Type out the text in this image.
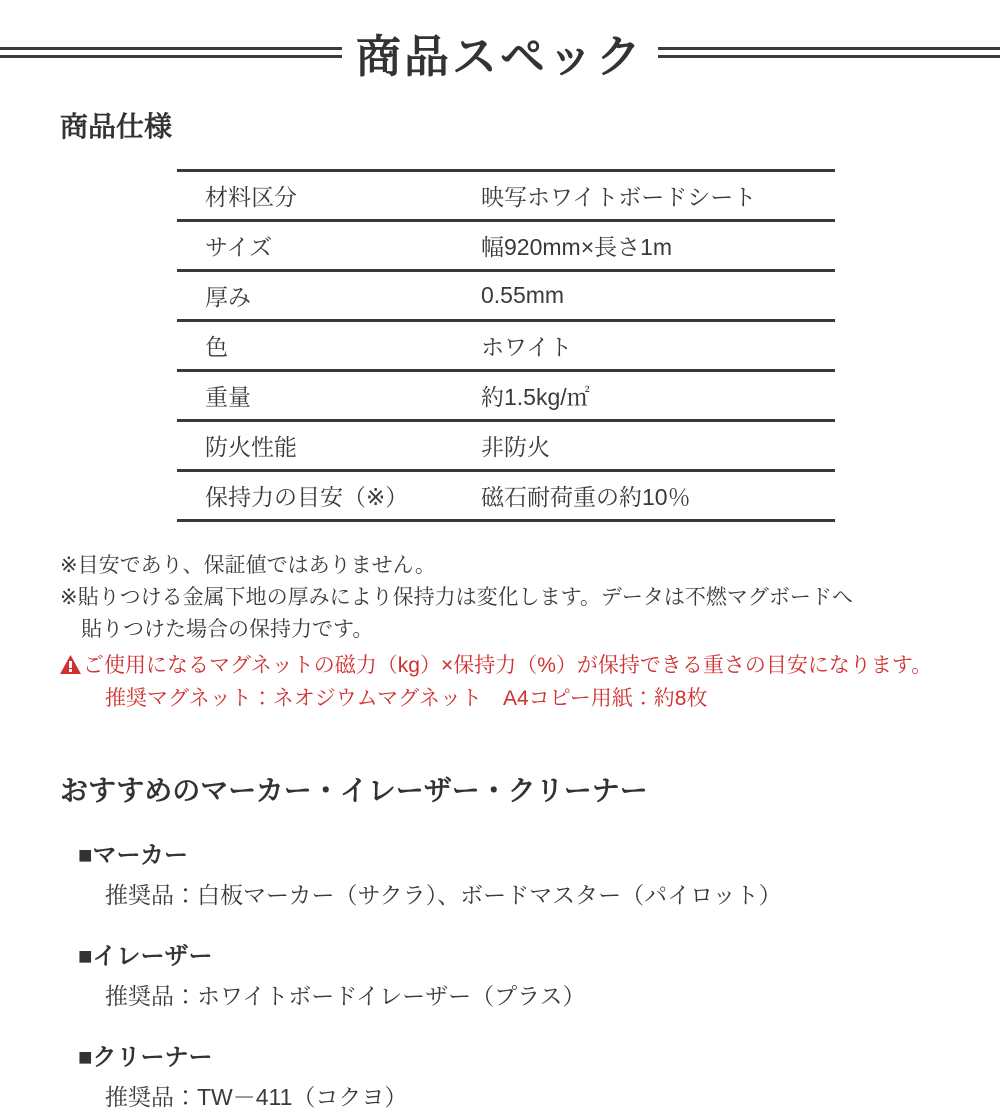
商品スペック
商品仕様
材料区分	映写ホワイトボードシート
サイズ	幅920mm×長さ1m
厚み	0.55mm
色	ホワイト
重量	約1.5kg/㎡
防火性能	非防火
保持力の目安（※）	磁石耐荷重の約10％
※目安であり、保証値ではありません。
※貼りつける金属下地の厚みにより保持力は変化します。データは不燃マグボードへ
貼りつけた場合の保持力です。

ご使用になるマグネットの磁力（kg）×保持力（%）が保持できる重さの目安になります。

推奨マグネット：ネオジウムマグネット　A4コピー用紙：約8枚

おすすめのマーカー・イレーザー・クリーナー
■マーカー

推奨品：白板マーカー（サクラ）、ボードマスター（パイロット）

■イレーザー

推奨品：ホワイトボードイレーザー（プラス）

■クリーナー

推奨品：TW－411（コクヨ）
